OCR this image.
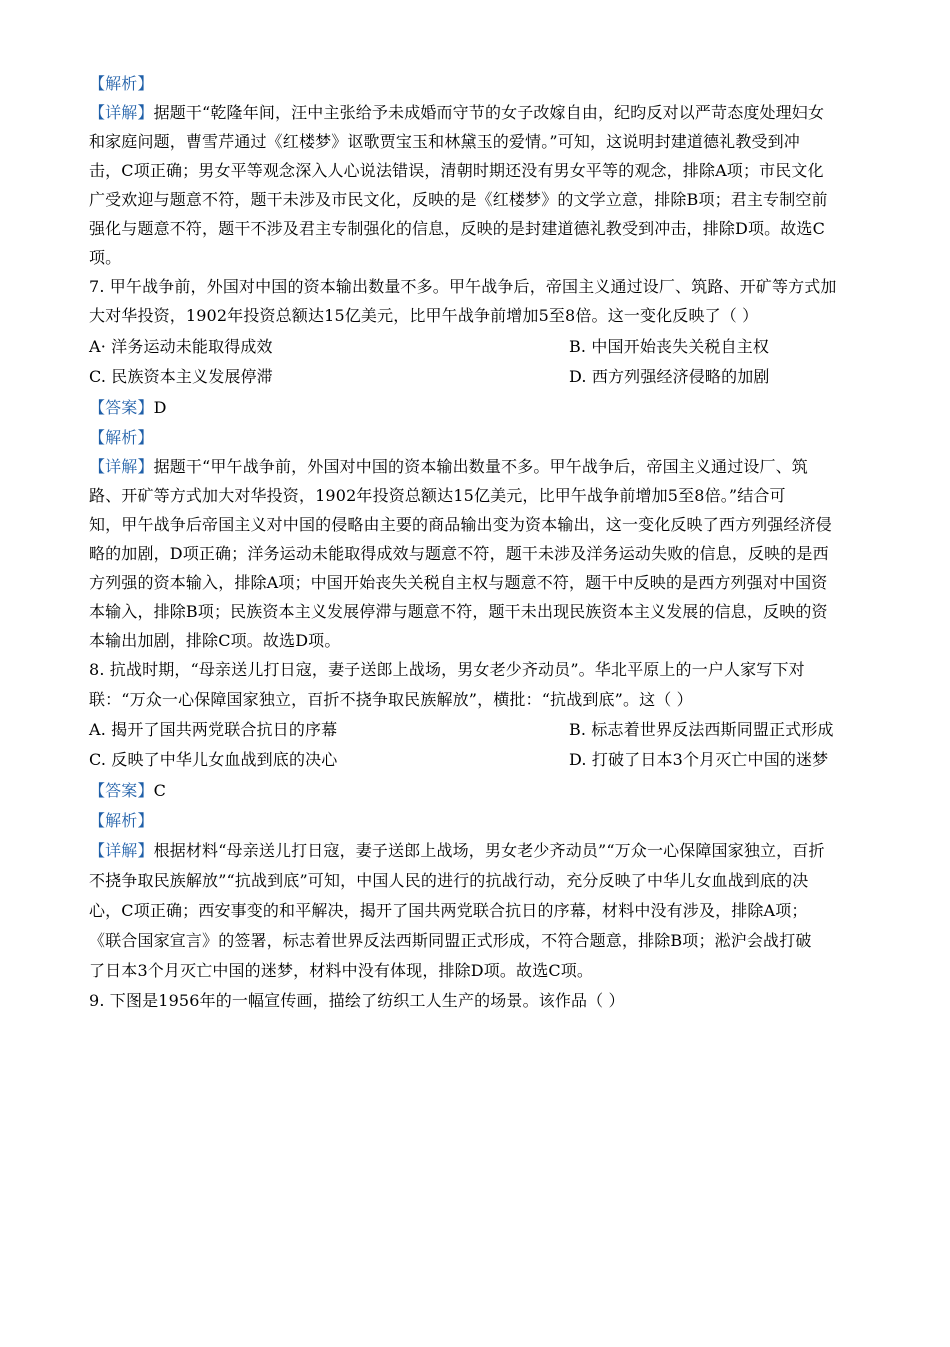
【解析】
【详解】据题干“乾隆年间，汪中主张给予未成婚而守节的女子改嫁自由，纪昀反对以严苛态度处理妇女
和家庭问题，曹雪芹通过《红楼梦》讴歌贾宝玉和林黛玉的爱情。”可知，这说明封建道德礼教受到冲
击，C项正确；男女平等观念深入人心说法错误，清朝时期还没有男女平等的观念，排除A项；市民文化
广受欢迎与题意不符，题干未涉及市民文化，反映的是《红楼梦》的文学立意，排除B项；君主专制空前
强化与题意不符，题干不涉及君主专制强化的信息，反映的是封建道德礼教受到冲击，排除D项。故选C
项。
7. 甲午战争前，外国对中国的资本输出数量不多。甲午战争后，帝国主义通过设厂、筑路、开矿等方式加
大对华投资，1902年投资总额达15亿美元，比甲午战争前增加5至8倍。这一变化反映了（ ）
A· 洋务运动未能取得成效	B. 中国开始丧失关税自主权
C. 民族资本主义发展停滞	D. 西方列强经济侵略的加剧
【答案】D
【解析】
【详解】据题干“甲午战争前，外国对中国的资本输出数量不多。甲午战争后，帝国主义通过设厂、筑
路、开矿等方式加大对华投资，1902年投资总额达15亿美元，比甲午战争前增加5至8倍。”结合可
知，甲午战争后帝国主义对中国的侵略由主要的商品输出变为资本输出，这一变化反映了西方列强经济侵
略的加剧，D项正确；洋务运动未能取得成效与题意不符，题干未涉及洋务运动失败的信息，反映的是西
方列强的资本输入，排除A项；中国开始丧失关税自主权与题意不符，题干中反映的是西方列强对中国资
本输入，排除B项；民族资本主义发展停滞与题意不符，题干未出现民族资本主义发展的信息，反映的资
本输出加剧，排除C项。故选D项。
8. 抗战时期，“母亲送儿打日寇，妻子送郎上战场，男女老少齐动员”。华北平原上的一户人家写下对
联：“万众一心保障国家独立，百折不挠争取民族解放”，横批：“抗战到底”。这（ ）
A. 揭开了国共两党联合抗日的序幕	B. 标志着世界反法西斯同盟正式形成
C. 反映了中华儿女血战到底的决心	D. 打破了日本3个月灭亡中国的迷梦
【答案】C
【解析】
【详解】根据材料“母亲送儿打日寇，妻子送郎上战场，男女老少齐动员”“万众一心保障国家独立，百折
不挠争取民族解放”“抗战到底”可知，中国人民的进行的抗战行动，充分反映了中华儿女血战到底的决
心，C项正确；西安事变的和平解决，揭开了国共两党联合抗日的序幕，材料中没有涉及，排除A项；
《联合国家宣言》的签署，标志着世界反法西斯同盟正式形成，不符合题意，排除B项；淞沪会战打破
了日本3个月灭亡中国的迷梦，材料中没有体现，排除D项。故选C项。
9. 下图是1956年的一幅宣传画，描绘了纺织工人生产的场景。该作品（ ）
